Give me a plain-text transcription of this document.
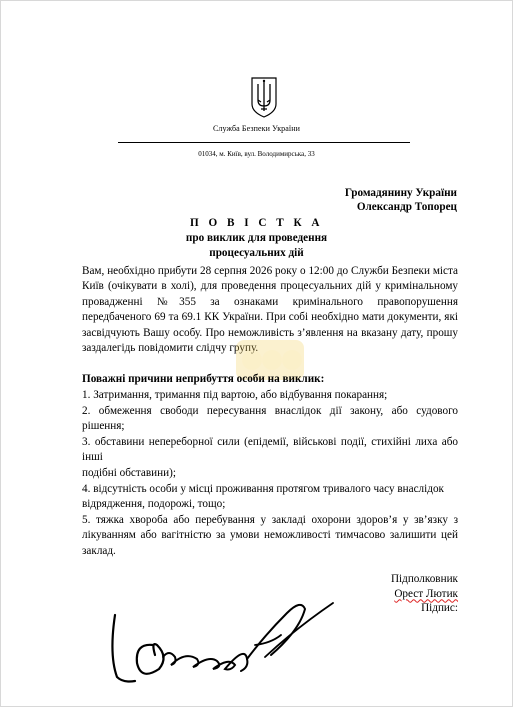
Служба Безпеки України
01034, м. Київ, вул. Володимирська, 33
Громадянину України
Олександр Топорец
П О В І С Т К А
про виклик для проведення
процесуальних дій

Вам, необхідно прибути 28 серпня 2026 року о 12:00 до Служби Безпеки міста Київ (очікувати в холі), для проведення процесуальних дій у кримінальному провадженні №355 за ознаками кримінального правопорушення передбаченого 69 та 69.1 КК України. При собі необхідно мати документи, які засвідчують Вашу особу. Про неможливість з’явлення на вказану дату, прошу заздалегідь повідомити слідчу групу.

Поважні причини неприбуття особи на виклик:
1. Затримання, тримання під вартою, або відбування покарання;
2. обмеження свободи пересування внаслідок дії закону, або судового рішення;
3. обставини непереборної сили (епідемії, військові події, стихійні лиха або інші
подібні обставини);
4. відсутність особи у місці проживання протягом тривалого часу внаслідок
відрядження, подорожі, тощо;
5. тяжка хвороба або перебування у закладі охорони здоров’я у зв’язку з лікуванням або вагітністю за умови неможливості тимчасово залишити цей заклад.
Підполковник
Орест Лютик
Підпис:
